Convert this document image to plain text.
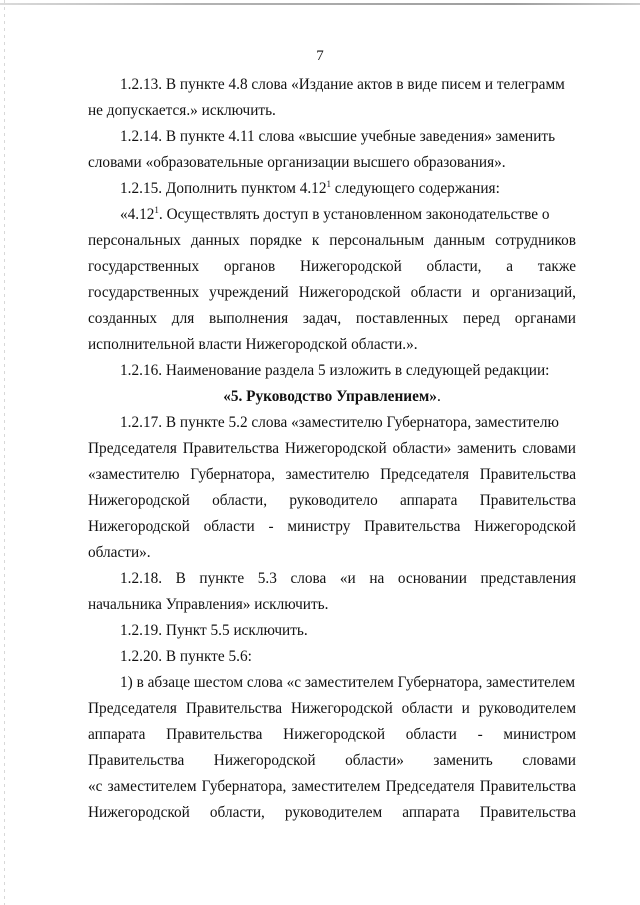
7
1.2.13. В пункте 4.8 слова «Издание актов в виде писем и телеграмм
не допускается.» исключить.
1.2.14. В пункте 4.11 слова «высшие учебные заведения» заменить
словами «образовательные организации высшего образования».
1.2.15. Дополнить пунктом 4.12$^1$ следующего содержания:
«4.12$^1$. Осуществлять доступ в установленном законодательстве о
персональных данных порядке к персональным данным сотрудников
государственных органов Нижегородской области, а также
государственных учреждений Нижегородской области и организаций,
созданных для выполнения задач, поставленных перед органами
исполнительной власти Нижегородской области.».
1.2.16. Наименование раздела 5 изложить в следующей редакции:
«5. Руководство Управлением».
1.2.17. В пункте 5.2 слова «заместителю Губернатора, заместителю
Председателя Правительства Нижегородской области» заменить словами
«заместителю Губернатора, заместителю Председателя Правительства
Нижегородской области, руководитело аппарата Правительства
Нижегородской области - министру Правительства Нижегородской
области».
1.2.18. В пункте 5.3 слова «и на основании представления
начальника Управления» исключить.
1.2.19. Пункт 5.5 исключить.
1.2.20. В пункте 5.6:
1) в абзаце шестом слова «с заместителем Губернатора, заместителем
Председателя Правительства Нижегородской области и руководителем
аппарата Правительства Нижегородской области - министром
Правительства Нижегородской области» заменить словами
«с заместителем Губернатора, заместителем Председателя Правительства
Нижегородской области, руководителем аппарата Правительства
